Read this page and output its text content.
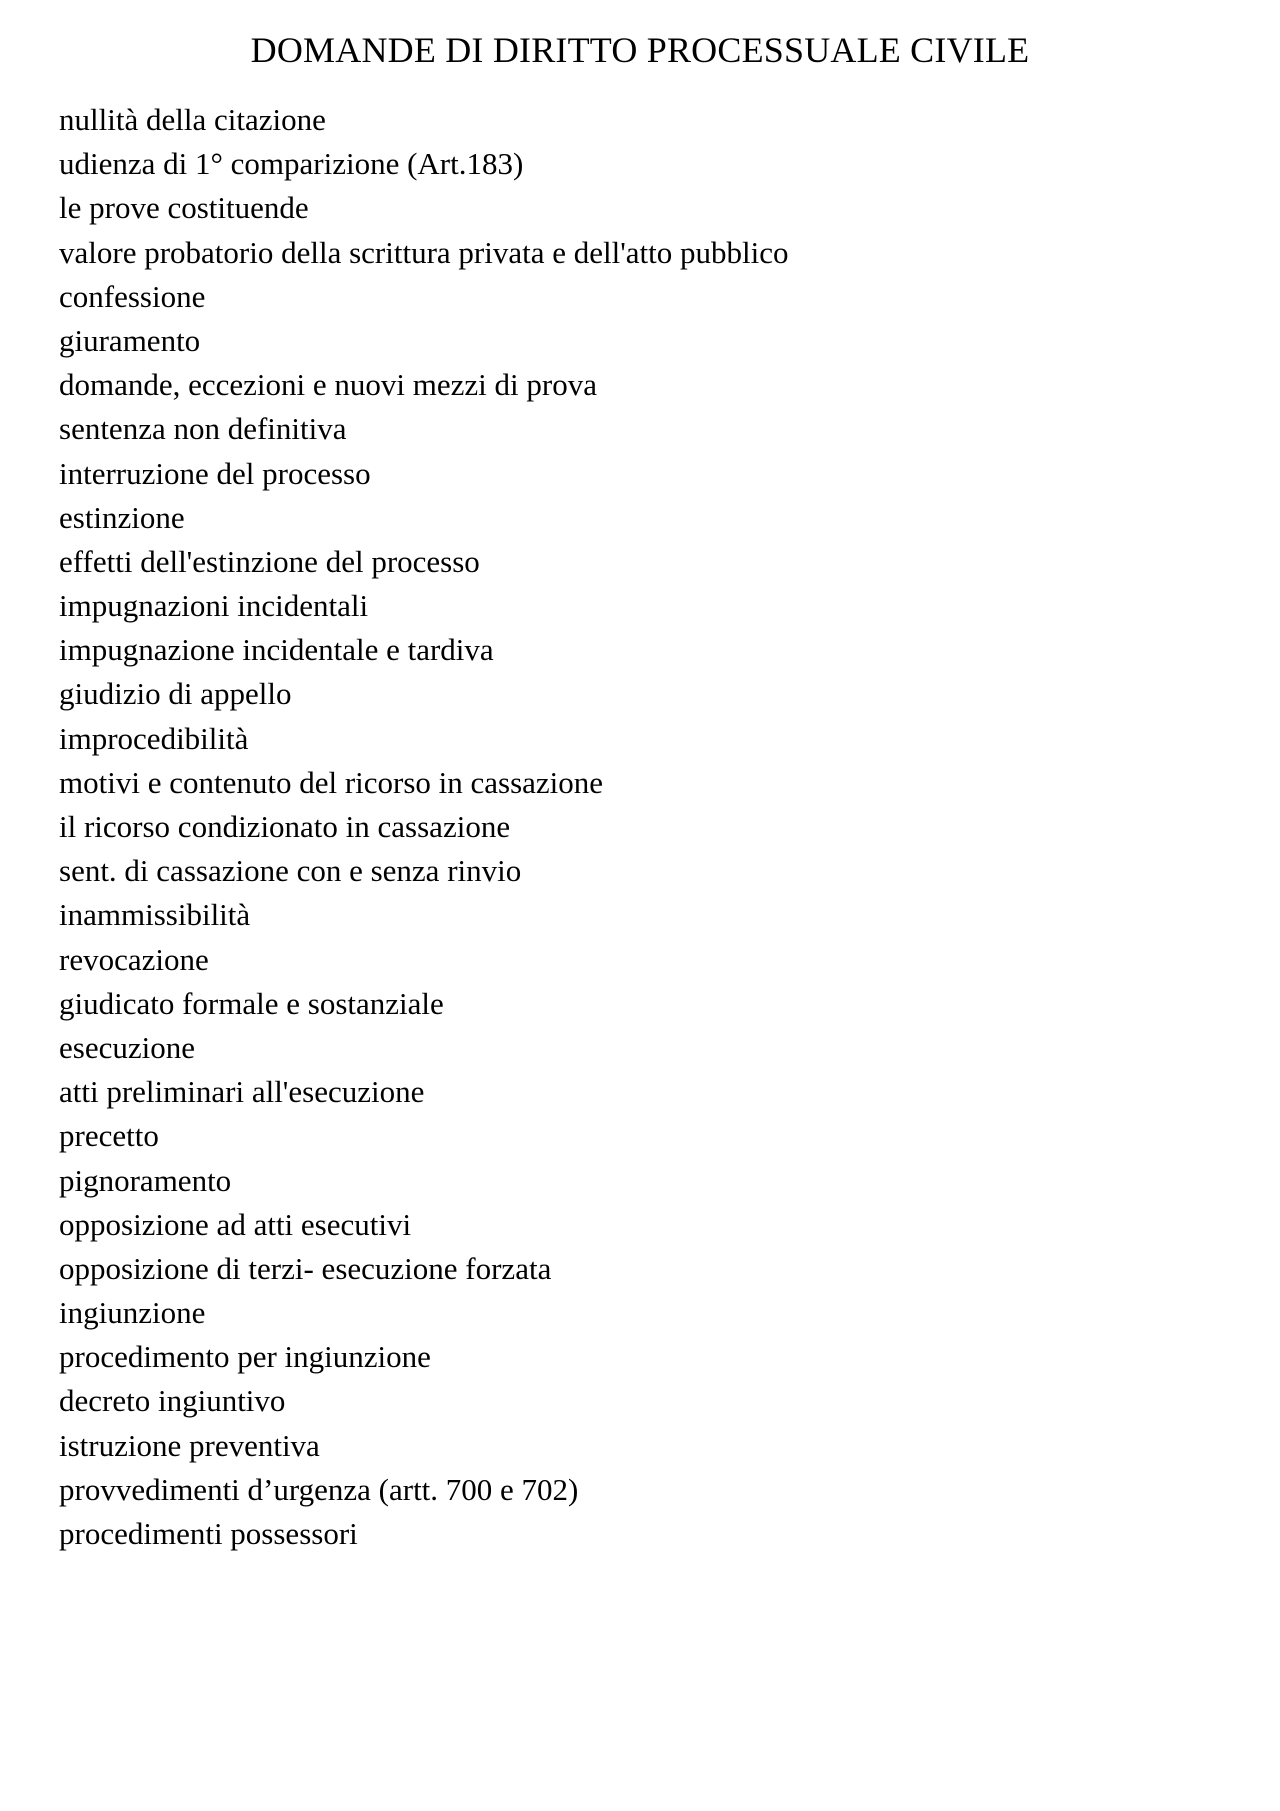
DOMANDE DI DIRITTO PROCESSUALE CIVILE
nullità della citazione
udienza di 1° comparizione (Art.183)
le prove costituende
valore probatorio della scrittura privata e dell'atto pubblico
confessione
giuramento
domande, eccezioni e nuovi mezzi di prova
sentenza non definitiva
interruzione del processo
estinzione
effetti dell'estinzione del processo
impugnazioni incidentali
impugnazione incidentale e tardiva
giudizio di appello
improcedibilità
motivi e contenuto del ricorso in cassazione
il ricorso condizionato in cassazione
sent. di cassazione con e senza rinvio
inammissibilità
revocazione
giudicato formale e sostanziale
esecuzione
atti preliminari all'esecuzione
precetto
pignoramento
opposizione ad atti esecutivi
opposizione di terzi- esecuzione forzata
ingiunzione
procedimento per ingiunzione
decreto ingiuntivo
istruzione preventiva
provvedimenti d’urgenza (artt. 700 e 702)
procedimenti possessori
